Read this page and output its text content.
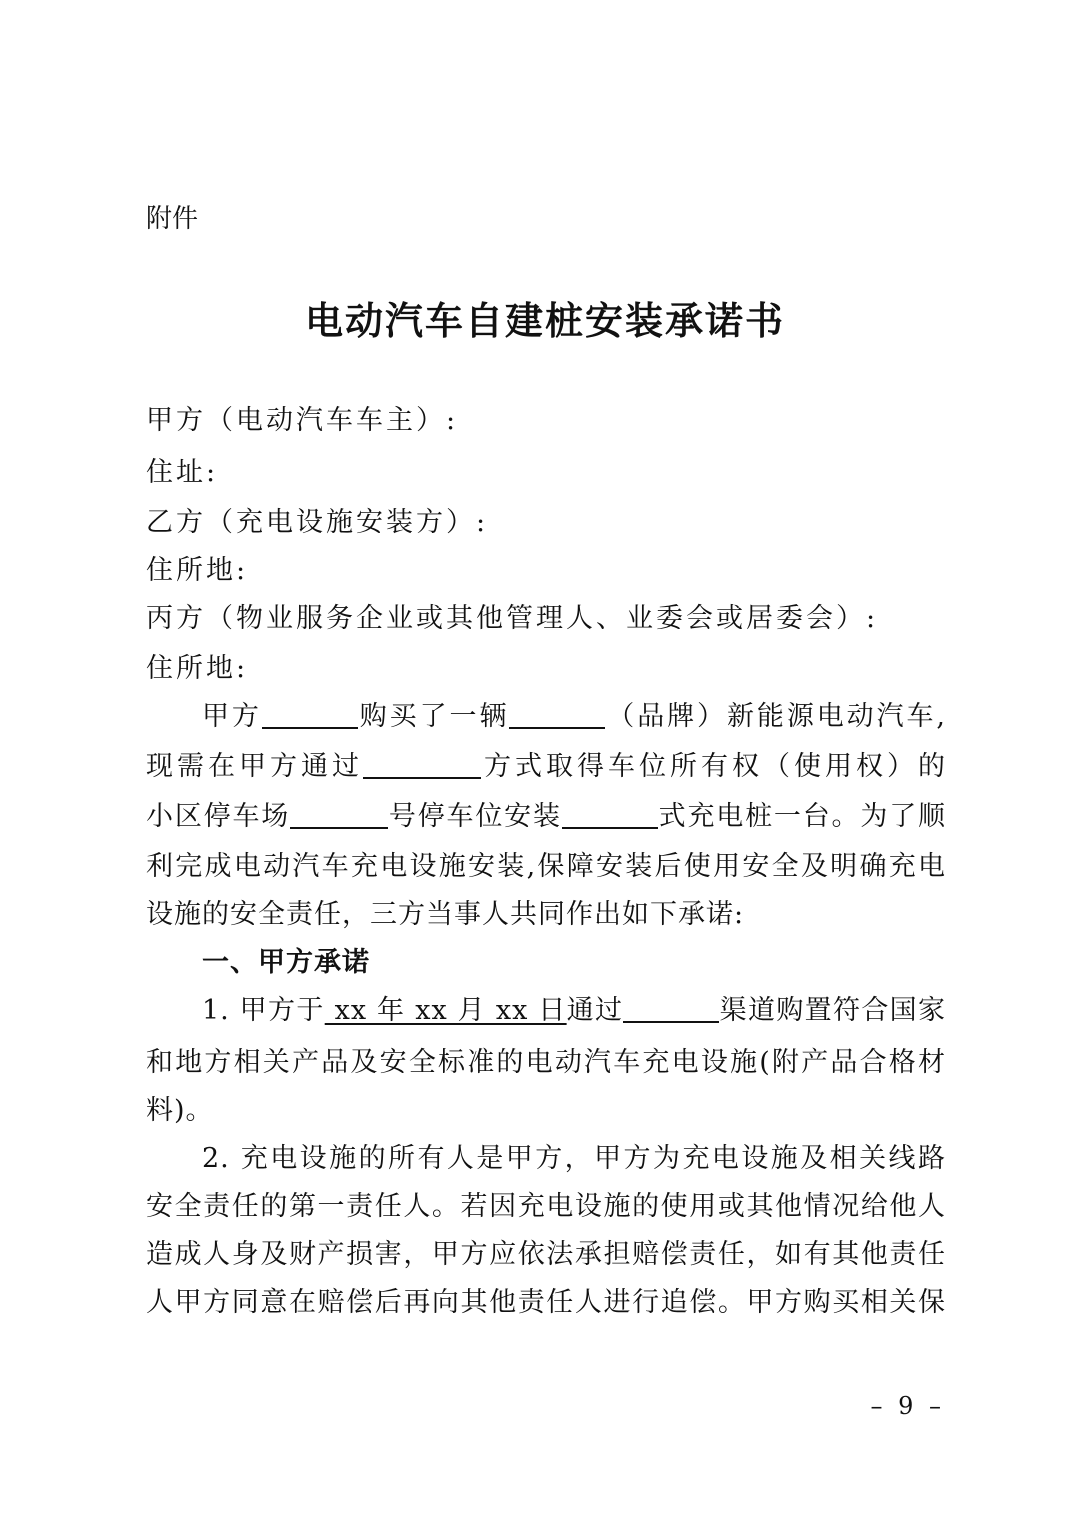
附件
电动汽车自建桩安装承诺书
甲方（电动汽车车主）:
住址:
乙方（充电设施安装方）:
住所地:
丙方（物业服务企业或其他管理人、业委会或居委会）:
住所地:
甲方	购买了一辆	（品牌）新能源电动汽车,
现需在甲方通过	方式取得车位所有权（使用权）的
小区停车场	号停车位安装	式充电桩一台。为了顺
利完成电动汽车充电设施安装,保障安装后使用安全及明确充电
设施的安全责任，三方当事人共同作出如下承诺:
一、甲方承诺
1. 甲方于 xx 年 xx 月 xx 日通过	渠道购置符合国家
和地方相关产品及安全标准的电动汽车充电设施(附产品合格材
料)。
2. 充电设施的所有人是甲方，甲方为充电设施及相关线路
安全责任的第一责任人。若因充电设施的使用或其他情况给他人
造成人身及财产损害，甲方应依法承担赔偿责任，如有其他责任
人甲方同意在赔偿后再向其他责任人进行追偿。甲方购买相关保
– 9 –
